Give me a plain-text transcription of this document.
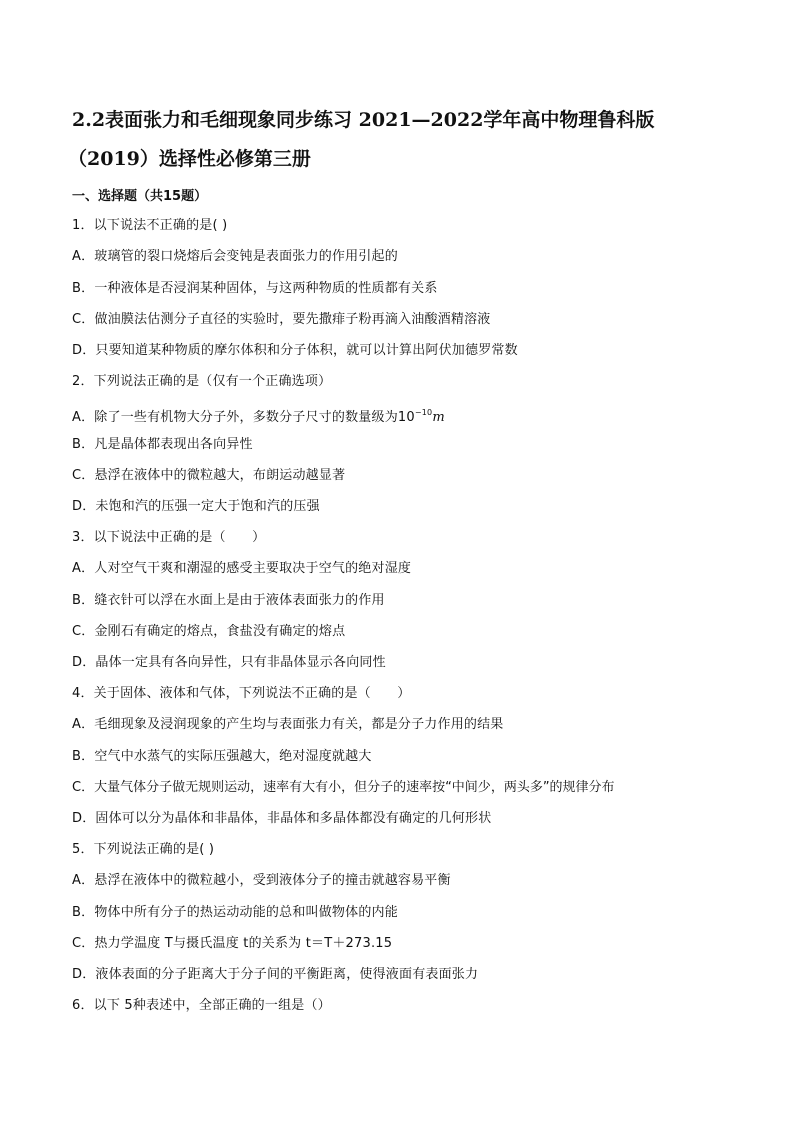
2.2表面张力和毛细现象同步练习 2021—2022学年高中物理鲁科版
（2019）选择性必修第三册
一、选择题（共15题）
1．以下说法不正确的是( )
A．玻璃管的裂口烧熔后会变钝是表面张力的作用引起的
B．一种液体是否浸润某种固体，与这两种物质的性质都有关系
C．做油膜法估测分子直径的实验时，要先撒痱子粉再滴入油酸酒精溶液
D．只要知道某种物质的摩尔体积和分子体积，就可以计算出阿伏加德罗常数
2．下列说法正确的是（仅有一个正确选项）
A．除了一些有机物大分子外，多数分子尺寸的数量级为$10^{-10}m$
B．凡是晶体都表现出各向异性
C．悬浮在液体中的微粒越大，布朗运动越显著
D．未饱和汽的压强一定大于饱和汽的压强
3．以下说法中正确的是（　　）
A．人对空气干爽和潮湿的感受主要取决于空气的绝对湿度
B．缝衣针可以浮在水面上是由于液体表面张力的作用
C．金刚石有确定的熔点，食盐没有确定的熔点
D．晶体一定具有各向异性，只有非晶体显示各向同性
4．关于固体、液体和气体，下列说法不正确的是（　　）
A．毛细现象及浸润现象的产生均与表面张力有关，都是分子力作用的结果
B．空气中水蒸气的实际压强越大，绝对湿度就越大
C．大量气体分子做无规则运动，速率有大有小，但分子的速率按“中间少，两头多”的规律分布
D．固体可以分为晶体和非晶体，非晶体和多晶体都没有确定的几何形状
5．下列说法正确的是( )
A．悬浮在液体中的微粒越小，受到液体分子的撞击就越容易平衡
B．物体中所有分子的热运动动能的总和叫做物体的内能
C．热力学温度 T与摄氏温度 t的关系为 t＝T＋273.15
D．液体表面的分子距离大于分子间的平衡距离，使得液面有表面张力
6．以下 5种表述中，全部正确的一组是（）
